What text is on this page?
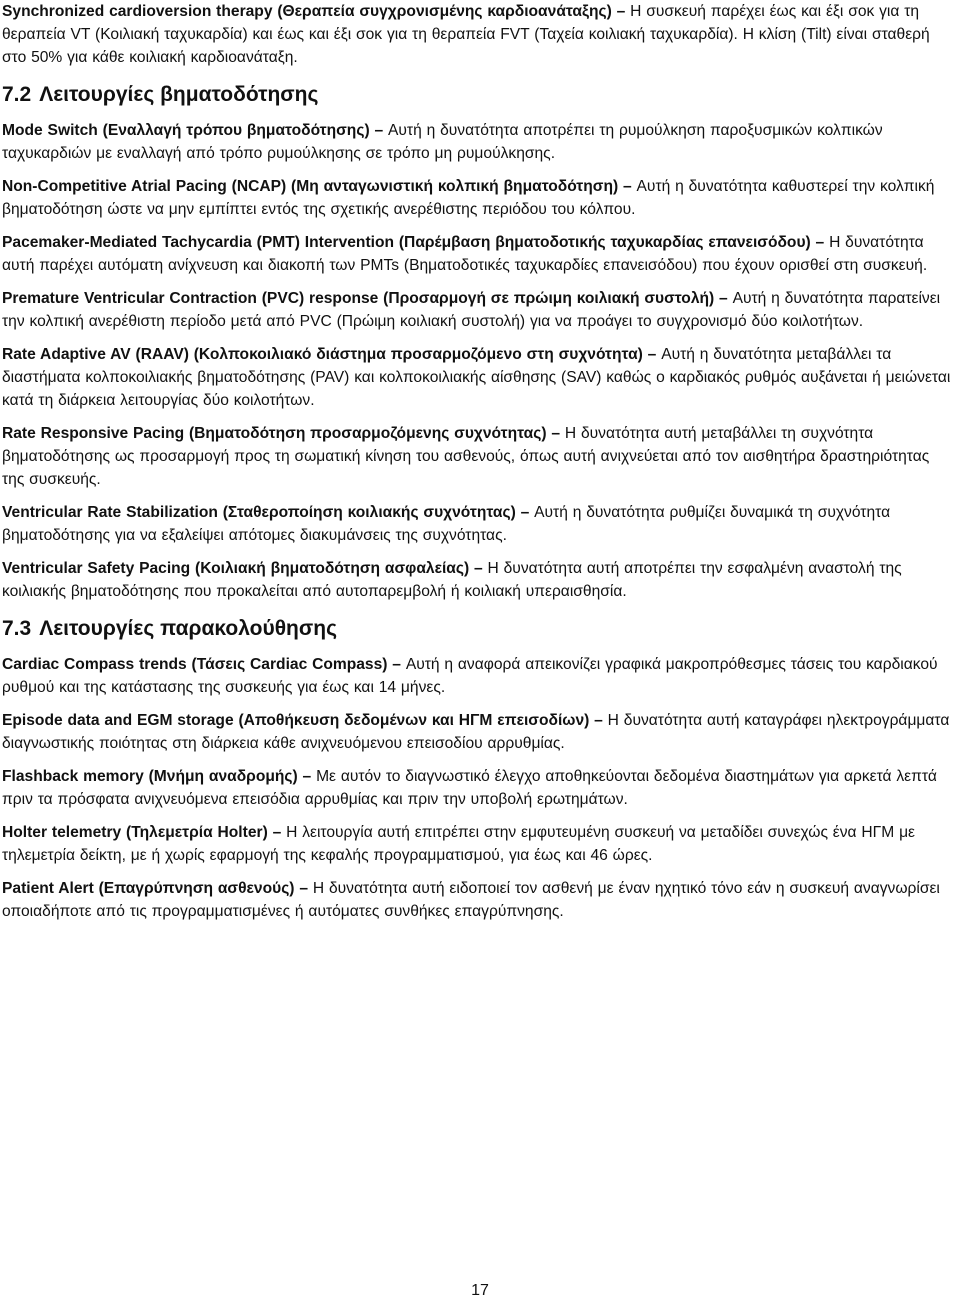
Synchronized cardioversion therapy (Θεραπεία συγχρονισμένης καρδιοανάταξης) – Η συσκευή παρέχει έως και έξι σοκ για τη θεραπεία VT (Κοιλιακή ταχυκαρδία) και έως και έξι σοκ για τη θεραπεία FVT (Ταχεία κοιλιακή ταχυκαρδία). Η κλίση (Tilt) είναι σταθερή στο 50% για κάθε κοιλιακή καρδιοανάταξη.

7.2 Λειτουργίες βηματοδότησης

Mode Switch (Εναλλαγή τρόπου βηματοδότησης) – Αυτή η δυνατότητα αποτρέπει τη ρυμούλκηση παροξυσμικών κολπικών ταχυκαρδιών με εναλλαγή από τρόπο ρυμούλκησης σε τρόπο μη ρυμούλκησης.

Non-Competitive Atrial Pacing (NCAP) (Μη ανταγωνιστική κολπική βηματοδότηση) – Αυτή η δυνατότητα καθυστερεί την κολπική βηματοδότηση ώστε να μην εμπίπτει εντός της σχετικής ανερέθιστης περιόδου του κόλπου.

Pacemaker-Mediated Tachycardia (PMT) Intervention (Παρέμβαση βηματοδοτικής ταχυκαρδίας επανεισόδου) – Η δυνατότητα αυτή παρέχει αυτόματη ανίχνευση και διακοπή των PMTs (Βηματοδοτικές ταχυκαρδίες επανεισόδου) που έχουν ορισθεί στη συσκευή.

Premature Ventricular Contraction (PVC) response (Προσαρμογή σε πρώιμη κοιλιακή συστολή) – Αυτή η δυνατότητα παρατείνει την κολπική ανερέθιστη περίοδο μετά από PVC (Πρώιμη κοιλιακή συστολή) για να προάγει το συγχρονισμό δύο κοιλοτήτων.

Rate Adaptive AV (RAAV) (Κολποκοιλιακό διάστημα προσαρμοζόμενο στη συχνότητα) – Αυτή η δυνατότητα μεταβάλλει τα διαστήματα κολποκοιλιακής βηματοδότησης (PAV) και κολποκοιλιακής αίσθησης (SAV) καθώς ο καρδιακός ρυθμός αυξάνεται ή μειώνεται κατά τη διάρκεια λειτουργίας δύο κοιλοτήτων.

Rate Responsive Pacing (Βηματοδότηση προσαρμοζόμενης συχνότητας) – Η δυνατότητα αυτή μεταβάλλει τη συχνότητα βηματοδότησης ως προσαρμογή προς τη σωματική κίνηση του ασθενούς, όπως αυτή ανιχνεύεται από τον αισθητήρα δραστηριότητας της συσκευής.

Ventricular Rate Stabilization (Σταθεροποίηση κοιλιακής συχνότητας) – Αυτή η δυνατότητα ρυθμίζει δυναμικά τη συχνότητα βηματοδότησης για να εξαλείψει απότομες διακυμάνσεις της συχνότητας.

Ventricular Safety Pacing (Κοιλιακή βηματοδότηση ασφαλείας) – Η δυνατότητα αυτή αποτρέπει την εσφαλμένη αναστολή της κοιλιακής βηματοδότησης που προκαλείται από αυτοπαρεμβολή ή κοιλιακή υπεραισθησία.

7.3 Λειτουργίες παρακολούθησης

Cardiac Compass trends (Τάσεις Cardiac Compass) – Αυτή η αναφορά απεικονίζει γραφικά μακροπρόθεσμες τάσεις του καρδιακού ρυθμού και της κατάστασης της συσκευής για έως και 14 μήνες.

Episode data and EGM storage (Αποθήκευση δεδομένων και ΗΓΜ επεισοδίων) – Η δυνατότητα αυτή καταγράφει ηλεκτρογράμματα διαγνωστικής ποιότητας στη διάρκεια κάθε ανιχνευόμενου επεισοδίου αρρυθμίας.

Flashback memory (Μνήμη αναδρομής) – Με αυτόν το διαγνωστικό έλεγχο αποθηκεύονται δεδομένα διαστημάτων για αρκετά λεπτά πριν τα πρόσφατα ανιχνευόμενα επεισόδια αρρυθμίας και πριν την υποβολή ερωτημάτων.

Holter telemetry (Τηλεμετρία Holter) – Η λειτουργία αυτή επιτρέπει στην εμφυτευμένη συσκευή να μεταδίδει συνεχώς ένα ΗΓΜ με τηλεμετρία δείκτη, με ή χωρίς εφαρμογή της κεφαλής προγραμματισμού, για έως και 46 ώρες.

Patient Alert (Επαγρύπνηση ασθενούς) – Η δυνατότητα αυτή ειδοποιεί τον ασθενή με έναν ηχητικό τόνο εάν η συσκευή αναγνωρίσει οποιαδήποτε από τις προγραμματισμένες ή αυτόματες συνθήκες επαγρύπνησης.

17
